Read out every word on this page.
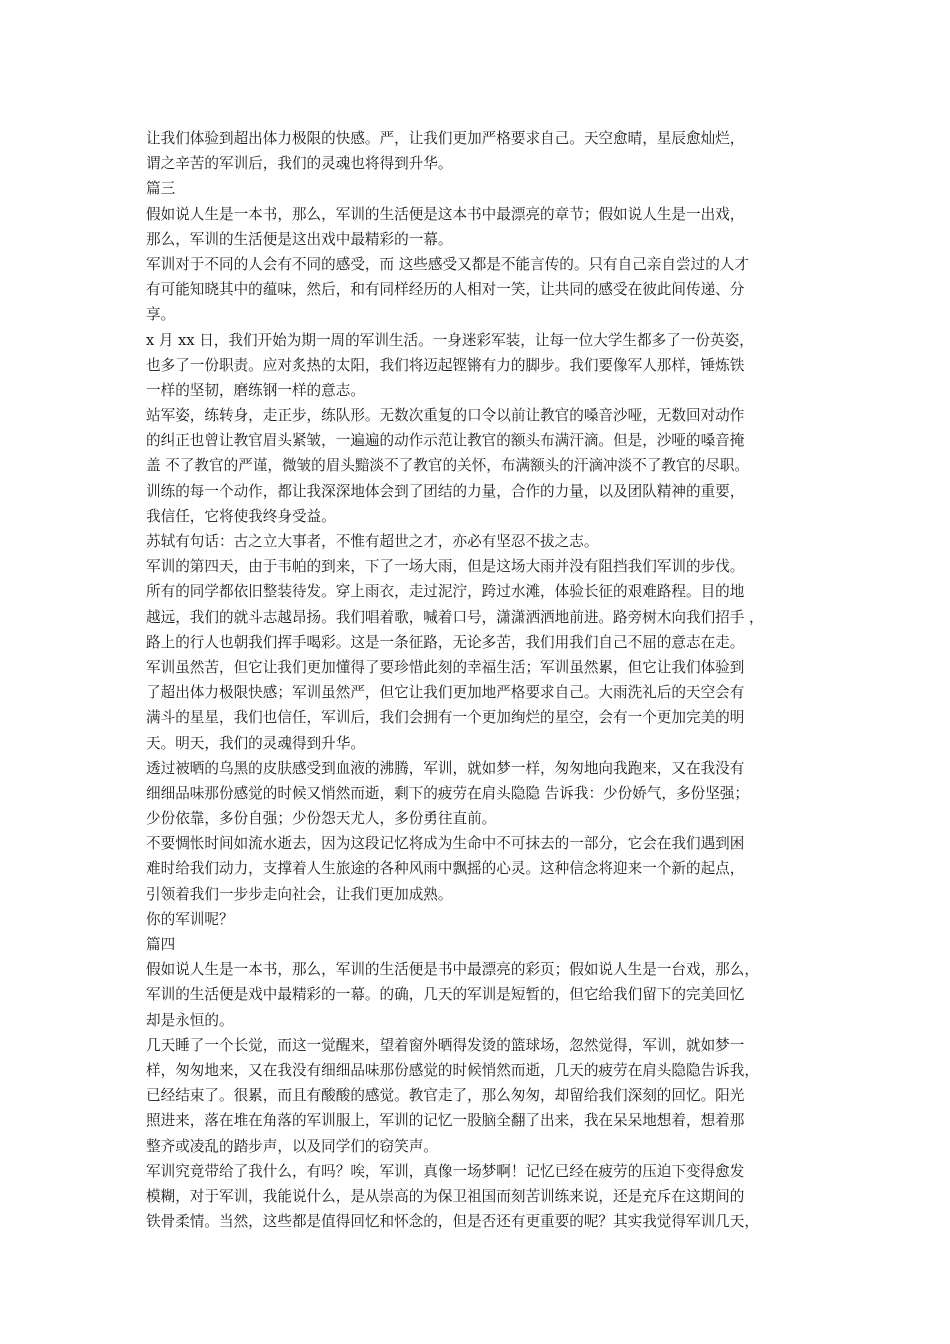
让我们体验到超出体力极限的快感。严，让我们更加严格要求自己。天空愈晴，星辰愈灿烂，
谓之辛苦的军训后，我们的灵魂也将得到升华。
篇三
假如说人生是一本书，那么，军训的生活便是这本书中最漂亮的章节；假如说人生是一出戏，
那么，军训的生活便是这出戏中最精彩的一幕。
军训对于不同的人会有不同的感受，而 这些感受又都是不能言传的。只有自己亲自尝过的人才
有可能知晓其中的蕴味，然后，和有同样经历的人相对一笑，让共同的感受在彼此间传递、分
享。
x 月 xx 日，我们开始为期一周的军训生活。一身迷彩军装，让每一位大学生都多了一份英姿，
也多了一份职责。应对炙热的太阳，我们将迈起铿锵有力的脚步。我们要像军人那样，锤炼铁
一样的坚韧，磨练钢一样的意志。
站军姿，练转身，走正步，练队形。无数次重复的口令以前让教官的嗓音沙哑，无数回对动作
的纠正也曾让教官眉头紧皱，一遍遍的动作示范让教官的额头布满汗滴。但是，沙哑的嗓音掩
盖 不了教官的严谨，微皱的眉头黯淡不了教官的关怀，布满额头的汗滴冲淡不了教官的尽职。
训练的每一个动作，都让我深深地体会到了团结的力量，合作的力量，以及团队精神的重要，
我信任，它将使我终身受益。
苏轼有句话：古之立大事者，不惟有超世之才，亦必有坚忍不拔之志。
军训的第四天，由于韦帕的到来，下了一场大雨，但是这场大雨并没有阻挡我们军训的步伐。
所有的同学都依旧整装待发。穿上雨衣，走过泥泞，跨过水滩，体验长征的艰难路程。目的地
越远，我们的就斗志越昂扬。我们唱着歌，喊着口号，潇潇洒洒地前进。路旁树木向我们招手 ，
路上的行人也朝我们挥手喝彩。这是一条征路，无论多苦，我们用我们自己不屈的意志在走。
军训虽然苦，但它让我们更加懂得了要珍惜此刻的幸福生活；军训虽然累，但它让我们体验到
了超出体力极限快感；军训虽然严，但它让我们更加地严格要求自己。大雨洗礼后的天空会有
满斗的星星，我们也信任，军训后，我们会拥有一个更加绚烂的星空，会有一个更加完美的明
天。明天，我们的灵魂得到升华。
透过被晒的乌黑的皮肤感受到血液的沸腾，军训，就如梦一样，匆匆地向我跑来，又在我没有
细细品味那份感觉的时候又悄然而逝，剩下的疲劳在肩头隐隐 告诉我：少份娇气，多份坚强；
少份依靠，多份自强；少份怨天尤人，多份勇往直前。
不要惆怅时间如流水逝去，因为这段记忆将成为生命中不可抹去的一部分，它会在我们遇到困
难时给我们动力，支撑着人生旅途的各种风雨中飘摇的心灵。这种信念将迎来一个新的起点，
引领着我们一步步走向社会，让我们更加成熟。
你的军训呢？
篇四
假如说人生是一本书，那么，军训的生活便是书中最漂亮的彩页；假如说人生是一台戏，那么，
军训的生活便是戏中最精彩的一幕。的确，几天的军训是短暂的，但它给我们留下的完美回忆
却是永恒的。
几天睡了一个长觉，而这一觉醒来，望着窗外晒得发烫的篮球场，忽然觉得，军训，就如梦一
样，匆匆地来，又在我没有细细品味那份感觉的时候悄然而逝，几天的疲劳在肩头隐隐告诉我，
已经结束了。很累，而且有酸酸的感觉。教官走了，那么匆匆，却留给我们深刻的回忆。阳光
照进来，落在堆在角落的军训服上，军训的记忆一股脑全翻了出来，我在呆呆地想着，想着那
整齐或凌乱的踏步声，以及同学们的窃笑声。
军训究竟带给了我什么，有吗？唉，军训，真像一场梦啊！记忆已经在疲劳的压迫下变得愈发
模糊，对于军训，我能说什么，是从崇高的为保卫祖国而刻苦训练来说，还是充斥在这期间的
铁骨柔情。当然，这些都是值得回忆和怀念的，但是否还有更重要的呢？其实我觉得军训几天，
